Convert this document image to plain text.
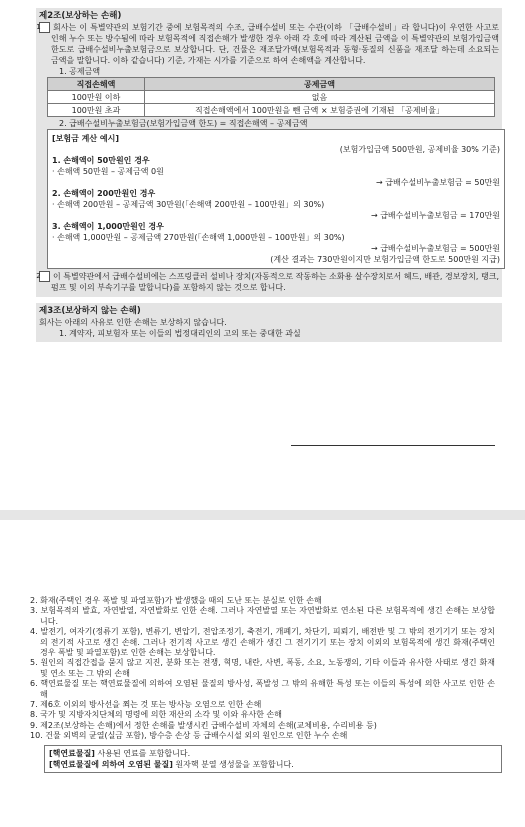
제2조(보상하는 손해)
1 회사는 이 특별약관의 보험기간 중에 보험목적의 수조, 급배수설비 또는 수관(이하 「급배수설비」라 합니다)이 우연한 사고로 인해 누수 또는 방수됨에 따라 보험목적에 직접손해가 발생한 경우 아래 각 호에 따라 계산된 금액을 이 특별약관의 보험가입금액 한도로 급배수설비누출보험금으로 보상합니다. 단, 건물은 재조달가액(보험목적과 동형·동질의 신품을 재조달 하는데 소요되는 금액을 말합니다. 이하 같습니다) 기준, 가재는 시가를 기준으로 하여 손해액을 계산합니다.
1. 공제금액
직접손해액	공제금액
100만원 이하	없음
100만원 초과	직접손해액에서 100만원을 뺀 금액 × 보험증권에 기재된 「공제비율」
2. 급배수설비누출보험금(보험가입금액 한도) = 직접손해액 – 공제금액
[보험금 계산 예시]
(보험가입금액 500만원, 공제비율 30% 기준)
1. 손해액이 50만원인 경우
· 손해액 50만원 – 공제금액 0원
→ 급배수설비누출보험금 = 50만원
2. 손해액이 200만원인 경우
· 손해액 200만원 – 공제금액 30만원(「손해액 200만원 – 100만원」의 30%)
→ 급배수설비누출보험금 = 170만원
3. 손해액이 1,000만원인 경우
· 손해액 1,000만원 – 공제금액 270만원(「손해액 1,000만원 – 100만원」의 30%)
→ 급배수설비누출보험금 = 500만원
(계산 결과는 730만원이지만 보험가입금액 한도로 500만원 지급)
2 이 특별약관에서 급배수설비에는 스프링클러 설비나 장치(자동적으로 작동하는 소화용 살수장치로서 헤드, 배관, 경보장치, 탱크, 펌프 및 이의 부속기구를 말합니다)를 포함하지 않는 것으로 합니다.
제3조(보상하지 않는 손해)
회사는 아래의 사유로 인한 손해는 보상하지 않습니다.
1. 계약자, 피보험자 또는 이들의 법정대리인의 고의 또는 중대한 과실
2. 화재(주택인 경우 폭발 및 파열포함)가 발생했을 때의 도난 또는 분실로 인한 손해
3. 보험목적의 발효, 자연발열, 자연발화로 인한 손해. 그러나 자연발열 또는 자연발화로 연소된 다른 보험목적에 생긴 손해는 보상합니다.
4. 발전기, 여자기(정류기 포함), 변류기, 변압기, 전압조정기, 축전기, 개폐기, 차단기, 피뢰기, 배전반 및 그 밖의 전기기기 또는 장치의 전기적 사고로 생긴 손해. 그러나 전기적 사고로 생긴 손해가 생긴 그 전기기기 또는 장치 이외의 보험목적에 생긴 화재(주택인 경우 폭발 및 파열포함)로 인한 손해는 보상합니다.
5. 원인의 직접간접을 묻지 않고 지진, 분화 또는 전쟁, 혁명, 내란, 사변, 폭동, 소요, 노동쟁의, 기타 이들과 유사한 사태로 생긴 화재 및 연소 또는 그 밖의 손해
6. 핵연료물질 또는 핵연료물질에 의하여 오염된 물질의 방사성, 폭발성 그 밖의 유해한 특성 또는 이들의 특성에 의한 사고로 인한 손해
7. 제6호 이외의 방사선을 쬐는 것 또는 방사능 오염으로 인한 손해
8. 국가 및 지방자치단체의 명령에 의한 재산의 소각 및 이와 유사한 손해
9. 제2조(보상하는 손해)에서 정한 손해를 발생시킨 급배수설비 자체의 손해(교체비용, 수리비용 등)
10. 건물 외벽의 균열(실금 포함), 방수층 손상 등 급배수시설 외의 원인으로 인한 누수 손해
[핵연료물질] 사용된 연료를 포함합니다.
[핵연료물질에 의하여 오염된 물질] 원자핵 분열 생성물을 포함합니다.
